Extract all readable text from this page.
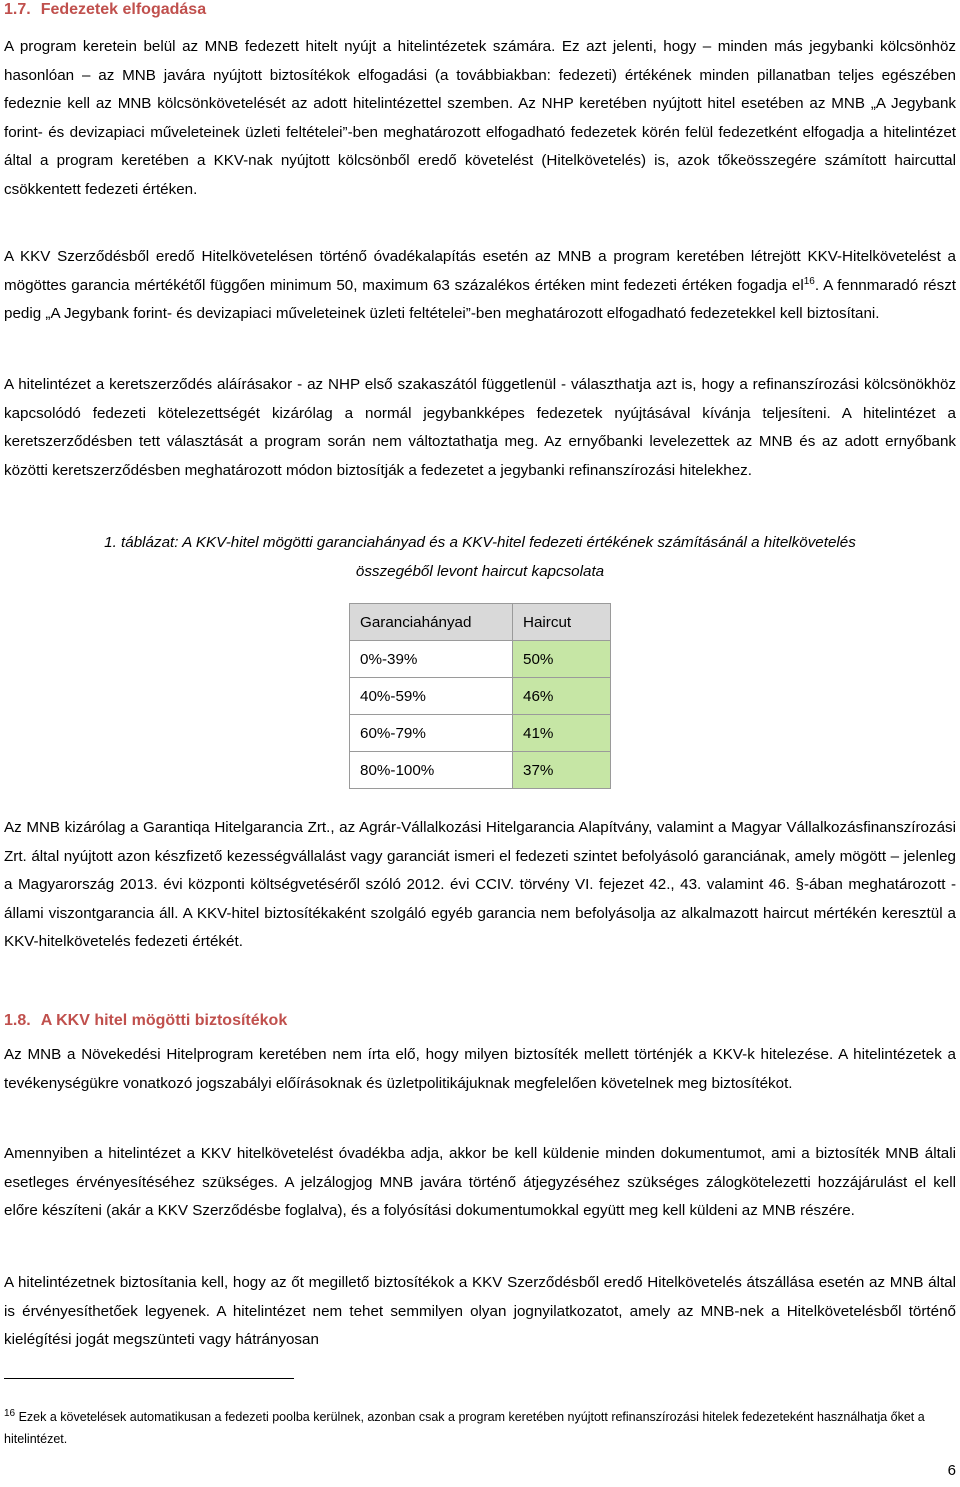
1.7. Fedezetek elfogadása

A program keretein belül az MNB fedezett hitelt nyújt a hitelintézetek számára. Ez azt jelenti, hogy – minden más jegybanki kölcsönhöz hasonlóan – az MNB javára nyújtott biztosítékok elfogadási (a továbbiakban: fedezeti) értékének minden pillanatban teljes egészében fedeznie kell az MNB kölcsönkövetelését az adott hitelintézettel szemben. Az NHP keretében nyújtott hitel esetében az MNB „A Jegybank forint- és devizapiaci műveleteinek üzleti feltételei”-ben meghatározott elfogadható fedezetek körén felül fedezetként elfogadja a hitelintézet által a program keretében a KKV-nak nyújtott kölcsönből eredő követelést (Hitelkövetelés) is, azok tőkeösszegére számított haircuttal csökkentett fedezeti értéken.

A KKV Szerződésből eredő Hitelkövetelésen történő óvadékalapítás esetén az MNB a program keretében létrejött KKV-Hitelkövetelést a mögöttes garancia mértékétől függően minimum 50, maximum 63 százalékos értéken mint fedezeti értéken fogadja $el^{16}$. A fennmaradó részt pedig „A Jegybank forint- és devizapiaci műveleteinek üzleti feltételei”-ben meghatározott elfogadható fedezetekkel kell biztosítani.

A hitelintézet a keretszerződés aláírásakor - az NHP első szakaszától függetlenül - választhatja azt is, hogy a refinanszírozási kölcsönökhöz kapcsolódó fedezeti kötelezettségét kizárólag a normál jegybankképes fedezetek nyújtásával kívánja teljesíteni. A hitelintézet a keretszerződésben tett választását a program során nem változtathatja meg. Az ernyőbanki levelezettek az MNB és az adott ernyőbank közötti keretszerződésben meghatározott módon biztosítják a fedezetet a jegybanki refinanszírozási hitelekhez.

1. táblázat: A KKV-hitel mögötti garanciahányad és a KKV-hitel fedezeti értékének számításánál a hitelkövetelés
összegéből levont haircut kapcsolata
Garanciahányad	Haircut
0%-39%	50%
40%-59%	46%
60%-79%	41%
80%-100%	37%

Az MNB kizárólag a Garantiqa Hitelgarancia Zrt., az Agrár-Vállalkozási Hitelgarancia Alapítvány, valamint a Magyar Vállalkozásfinanszírozási Zrt. által nyújtott azon készfizető kezességvállalást vagy garanciát ismeri el fedezeti szintet befolyásoló garanciának, amely mögött – jelenleg a Magyarország 2013. évi központi költségvetéséről szóló 2012. évi CCIV. törvény VI. fejezet 42., 43. valamint 46. §-ában meghatározott - állami viszontgarancia áll. A KKV-hitel biztosítékaként szolgáló egyéb garancia nem befolyásolja az alkalmazott haircut mértékén keresztül a KKV-hitelkövetelés fedezeti értékét.

1.8. A KKV hitel mögötti biztosítékok

Az MNB a Növekedési Hitelprogram keretében nem írta elő, hogy milyen biztosíték mellett történjék a KKV-k hitelezése. A hitelintézetek a tevékenységükre vonatkozó jogszabályi előírásoknak és üzletpolitikájuknak megfelelően követelnek meg biztosítékot.

Amennyiben a hitelintézet a KKV hitelkövetelést óvadékba adja, akkor be kell küldenie minden dokumentumot, ami a biztosíték MNB általi esetleges érvényesítéséhez szükséges. A jelzálogjog MNB javára történő átjegyzéséhez szükséges zálogkötelezetti hozzájárulást el kell előre készíteni (akár a KKV Szerződésbe foglalva), és a folyósítási dokumentumokkal együtt meg kell küldeni az MNB részére.

A hitelintézetnek biztosítania kell, hogy az őt megillető biztosítékok a KKV Szerződésből eredő Hitelkövetelés átszállása esetén az MNB által is érvényesíthetőek legyenek. A hitelintézet nem tehet semmilyen olyan jognyilatkozatot, amely az MNB-nek a Hitelkövetelésből történő kielégítési jogát megszünteti vagy hátrányosan

$^{16}$ Ezek a követelések automatikusan a fedezeti poolba kerülnek, azonban csak a program keretében nyújtott refinanszírozási hitelek fedezeteként használhatja őket a hitelintézet.
6
